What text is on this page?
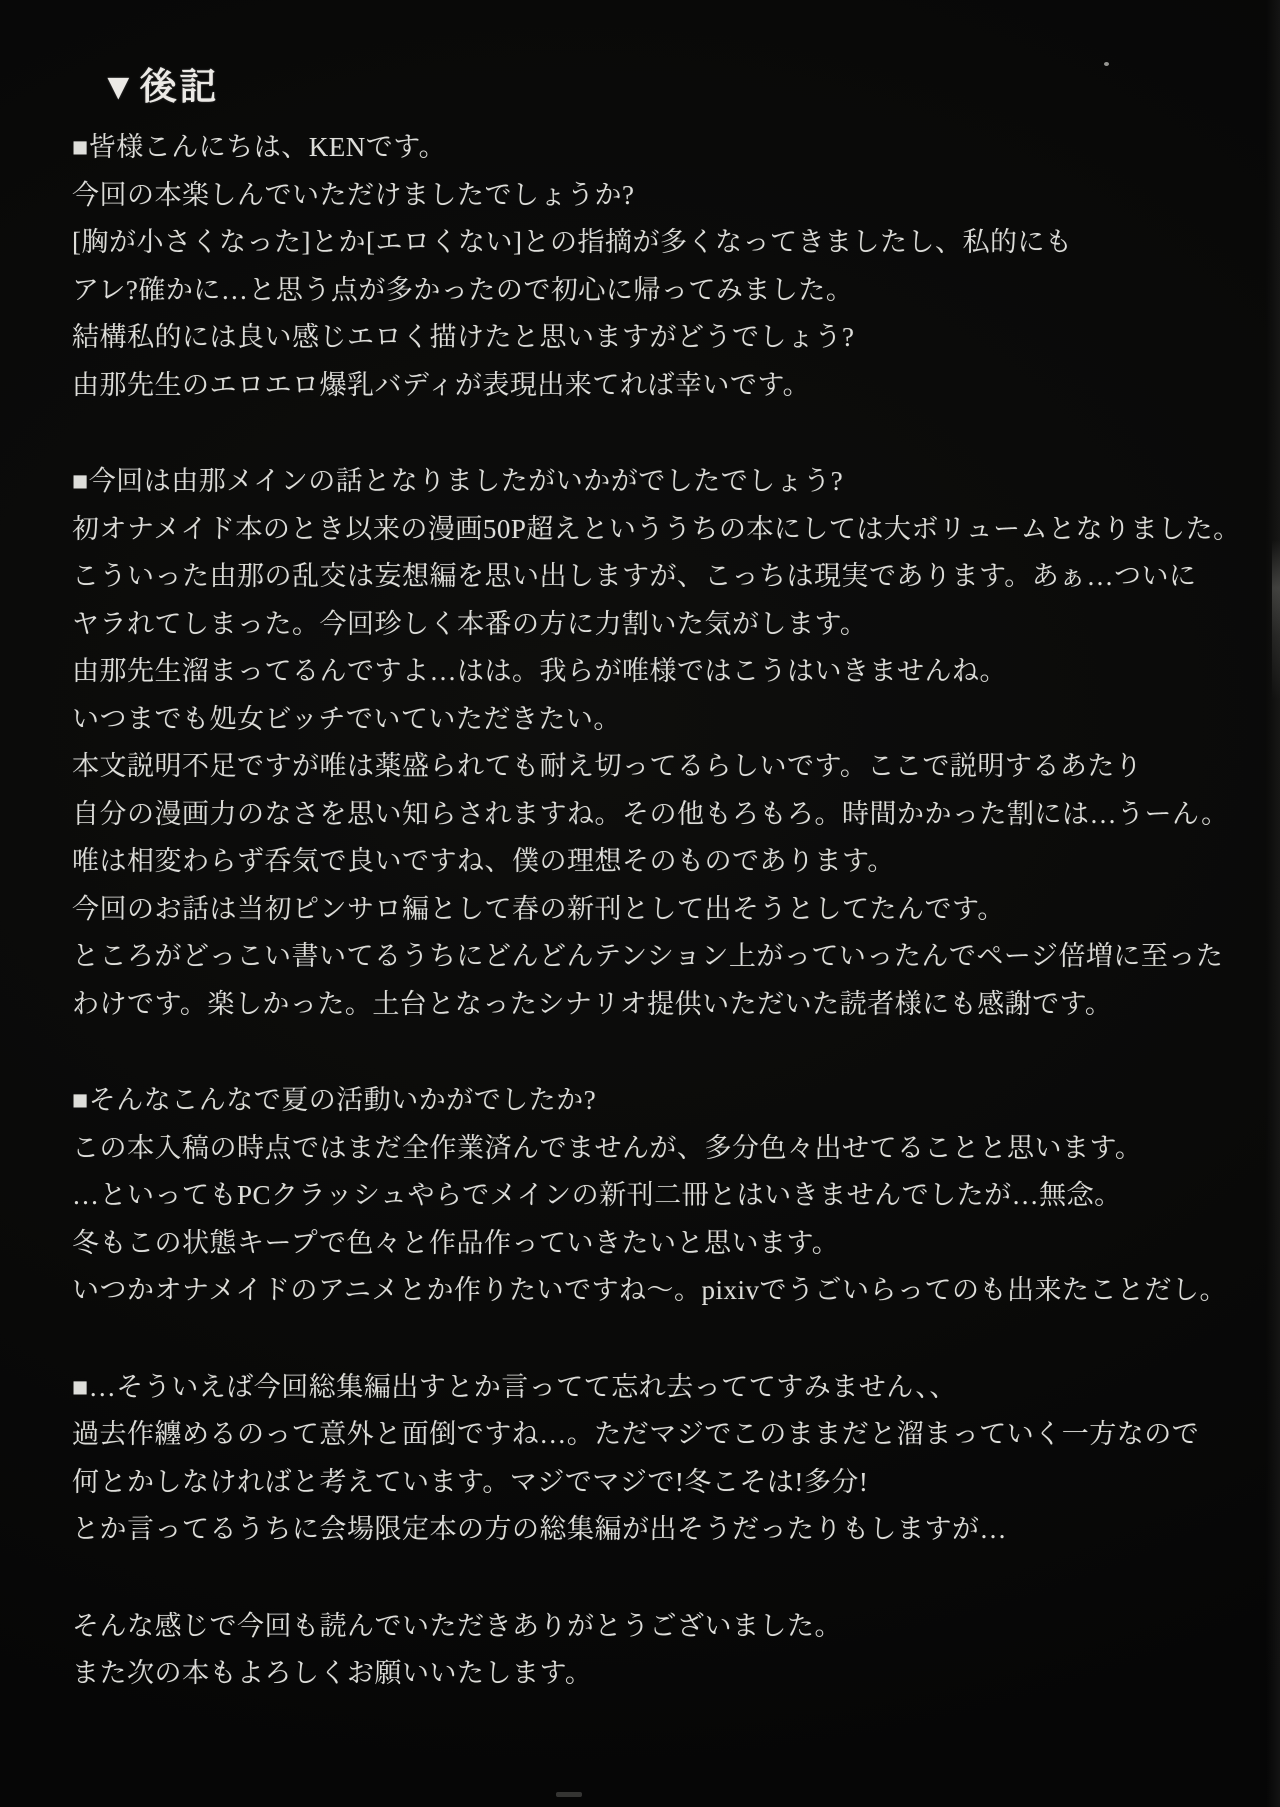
▼後記
■皆様こんにちは、KENです。
今回の本楽しんでいただけましたでしょうか?
[胸が小さくなった]とか[エロくない]との指摘が多くなってきましたし、私的にも
アレ?確かに…と思う点が多かったので初心に帰ってみました。
結構私的には良い感じエロく描けたと思いますがどうでしょう?
由那先生のエロエロ爆乳バディが表現出来てれば幸いです。
■今回は由那メインの話となりましたがいかがでしたでしょう?
初オナメイド本のとき以来の漫画50P超えといううちの本にしては大ボリュームとなりました。
こういった由那の乱交は妄想編を思い出しますが、こっちは現実であります。あぁ…ついに
ヤラれてしまった。今回珍しく本番の方に力割いた気がします。
由那先生溜まってるんですよ…はは。我らが唯様ではこうはいきませんね。
いつまでも処女ビッチでいていただきたい。
本文説明不足ですが唯は薬盛られても耐え切ってるらしいです。ここで説明するあたり
自分の漫画力のなさを思い知らされますね。その他もろもろ。時間かかった割には…うーん。
唯は相変わらず呑気で良いですね、僕の理想そのものであります。
今回のお話は当初ピンサロ編として春の新刊として出そうとしてたんです。
ところがどっこい書いてるうちにどんどんテンション上がっていったんでページ倍増に至った
わけです。楽しかった。土台となったシナリオ提供いただいた読者様にも感謝です。
■そんなこんなで夏の活動いかがでしたか?
この本入稿の時点ではまだ全作業済んでませんが、多分色々出せてることと思います。
…といってもPCクラッシュやらでメインの新刊二冊とはいきませんでしたが…無念。
冬もこの状態キープで色々と作品作っていきたいと思います。
いつかオナメイドのアニメとか作りたいですね〜。pixivでうごいらってのも出来たことだし。
■…そういえば今回総集編出すとか言ってて忘れ去っててすみません、、
過去作纏めるのって意外と面倒ですね…。ただマジでこのままだと溜まっていく一方なので
何とかしなければと考えています。マジでマジで!冬こそは!多分!
とか言ってるうちに会場限定本の方の総集編が出そうだったりもしますが…
そんな感じで今回も読んでいただきありがとうございました。
また次の本もよろしくお願いいたします。
